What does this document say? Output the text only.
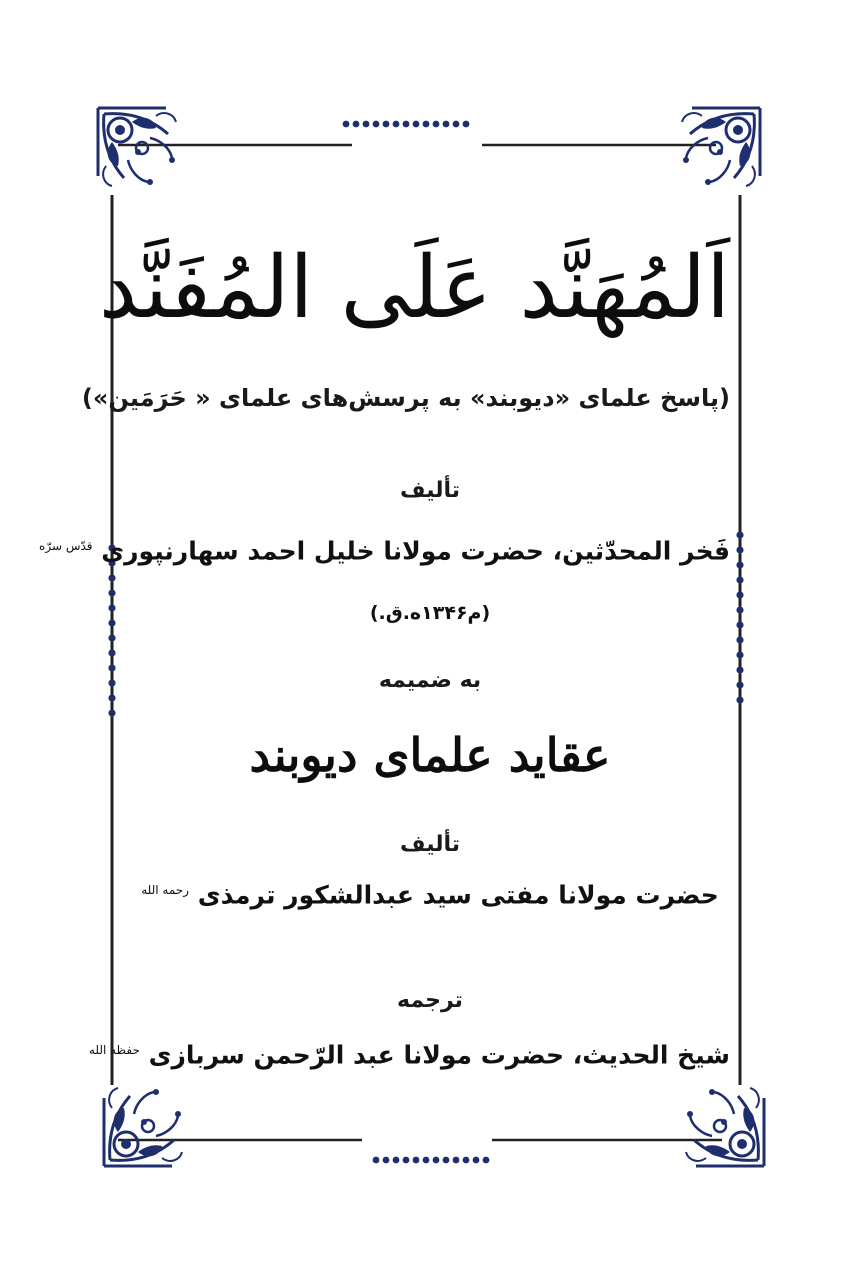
اَلمُهَنَّد عَلَی المُفَنَّد
(پاسخ علمای «دیوبند» به پرسش‌های علمای « حَرَمَین»)
تألیف
فَخر المحدّثین، حضرت مولانا خلیل احمد سهارنپوری $^{قدّس سرّه}$
(م۱۳۴۶ه.ق.)
به ضمیمه
عقاید علمای دیوبند
تألیف
حضرت مولانا مفتی سید عبدالشکور ترمذی $^{رحمه الله}$
ترجمه
شیخ الحدیث، حضرت مولانا عبد الرّحمن سربازی $^{حفظه الله}$
